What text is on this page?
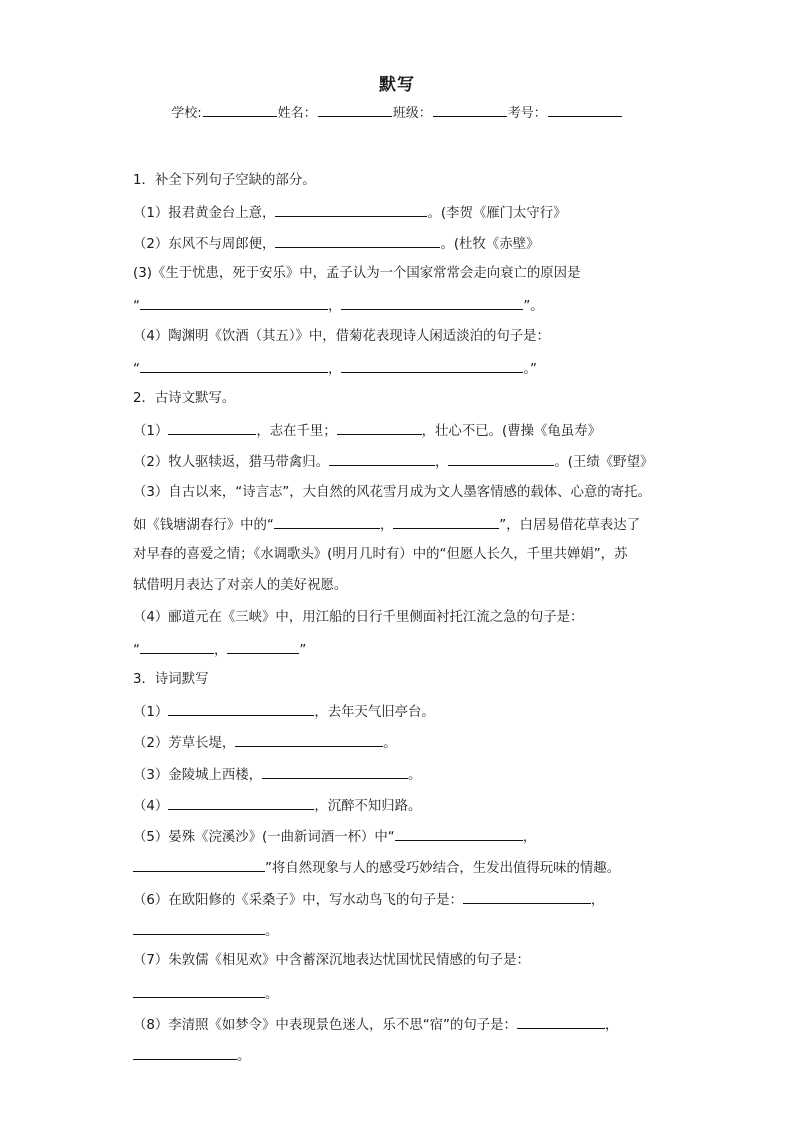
默写
学校:	姓名：	班级：	考号：
1．补全下列句子空缺的部分。
（1）报君黄金台上意，	。(李贺《雁门太守行》
（2）东风不与周郎便，	。(杜牧《赤壁》
(3)《生于忧患，死于安乐》中，孟子认为一个国家常常会走向衰亡的原因是
“	，	”。
（4）陶渊明《饮酒（其五）》中，借菊花表现诗人闲适淡泊的句子是：
“	，	。”
2．古诗文默写。
（1）	，志在千里；	，壮心不已。(曹操《龟虽寿》
（2）牧人驱犊返，猎马带禽归。	，	。(王绩《野望》
（3）自古以来，“诗言志”，大自然的风花雪月成为文人墨客情感的载体、心意的寄托。
如《钱塘湖春行》中的“	，	”，白居易借花草表达了
对早春的喜爱之情；《水调歌头》(明月几时有）中的“但愿人长久，千里共婵娟”，苏
轼借明月表达了对亲人的美好祝愿。
（4）郦道元在《三峡》中，用江船的日行千里侧面衬托江流之急的句子是：
“	，	”
3．诗词默写
（1）	，去年天气旧亭台。
（2）芳草长堤，	。
（3）金陵城上西楼，	。
（4）	，沉醉不知归路。
（5）晏殊《浣溪沙》(一曲新词酒一杯）中“	，
”将自然现象与人的感受巧妙结合，生发出值得玩味的情趣。
（6）在欧阳修的《采桑子》中，写水动鸟飞的句子是：	，
。
（7）朱敦儒《相见欢》中含蓄深沉地表达忧国忧民情感的句子是：
。
（8）李清照《如梦令》中表现景色迷人，乐不思“宿”的句子是：	，
。
